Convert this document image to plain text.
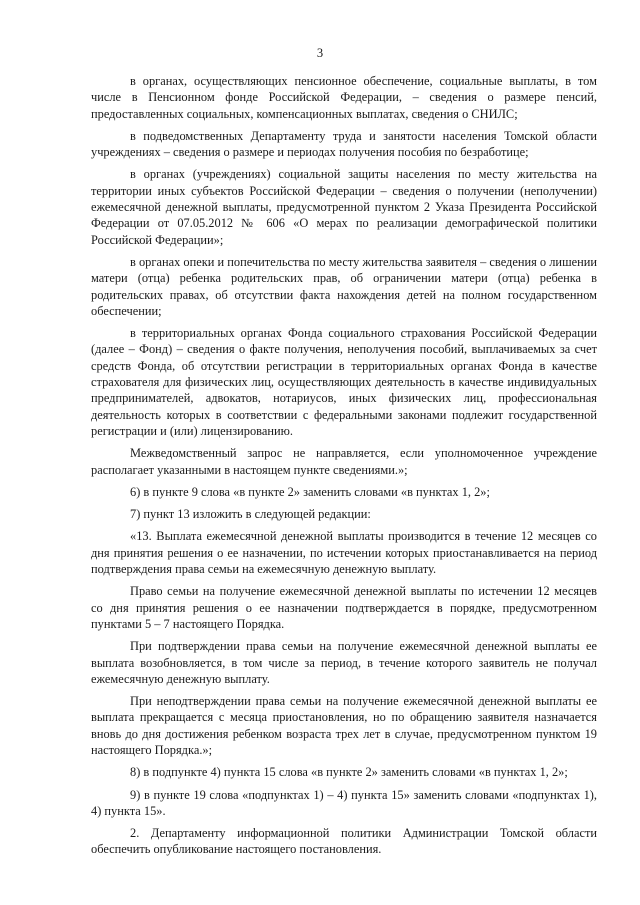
3

в органах, осуществляющих пенсионное обеспечение, социальные выплаты, в том числе в Пенсионном фонде Российской Федерации, – сведения о размере пенсий, предоставленных социальных, компенсационных выплатах, сведения о СНИЛС;

в подведомственных Департаменту труда и занятости населения Томской области учреждениях – сведения о размере и периодах получения пособия по безработице;

в органах (учреждениях) социальной защиты населения по месту жительства на территории иных субъектов Российской Федерации – сведения о получении (неполучении) ежемесячной денежной выплаты, предусмотренной пунктом 2 Указа Президента Российской Федерации от 07.05.2012 № 606 «О мерах по реализации демографической политики Российской Федерации»;

в органах опеки и попечительства по месту жительства заявителя – сведения о лишении матери (отца) ребенка родительских прав, об ограничении матери (отца) ребенка в родительских правах, об отсутствии факта нахождения детей на полном государственном обеспечении;

в территориальных органах Фонда социального страхования Российской Федерации (далее – Фонд) – сведения о факте получения, неполучения пособий, выплачиваемых за счет средств Фонда, об отсутствии регистрации в территориальных органах Фонда в качестве страхователя для физических лиц, осуществляющих деятельность в качестве индивидуальных предпринимателей, адвокатов, нотариусов, иных физических лиц, профессиональная деятельность которых в соответствии с федеральными законами подлежит государственной регистрации и (или) лицензированию.

Межведомственный запрос не направляется, если уполномоченное учреждение располагает указанными в настоящем пункте сведениями.»;

6) в пункте 9 слова «в пункте 2» заменить словами «в пунктах 1, 2»;

7) пункт 13 изложить в следующей редакции:

«13. Выплата ежемесячной денежной выплаты производится в течение 12 месяцев со дня принятия решения о ее назначении, по истечении которых приостанавливается на период подтверждения права семьи на ежемесячную денежную выплату.

Право семьи на получение ежемесячной денежной выплаты по истечении 12 месяцев со дня принятия решения о ее назначении подтверждается в порядке, предусмотренном пунктами 5 – 7 настоящего Порядка.

При подтверждении права семьи на получение ежемесячной денежной выплаты ее выплата возобновляется, в том числе за период, в течение которого заявитель не получал ежемесячную денежную выплату.

При неподтверждении права семьи на получение ежемесячной денежной выплаты ее выплата прекращается с месяца приостановления, но по обращению заявителя назначается вновь до дня достижения ребенком возраста трех лет в случае, предусмотренном пунктом 19 настоящего Порядка.»;

8) в подпункте 4) пункта 15 слова «в пункте 2» заменить словами «в пунктах 1, 2»;

9) в пункте 19 слова «подпунктах 1) – 4) пункта 15» заменить словами «подпунктах 1), 4) пункта 15».

2. Департаменту информационной политики Администрации Томской области обеспечить опубликование настоящего постановления.
